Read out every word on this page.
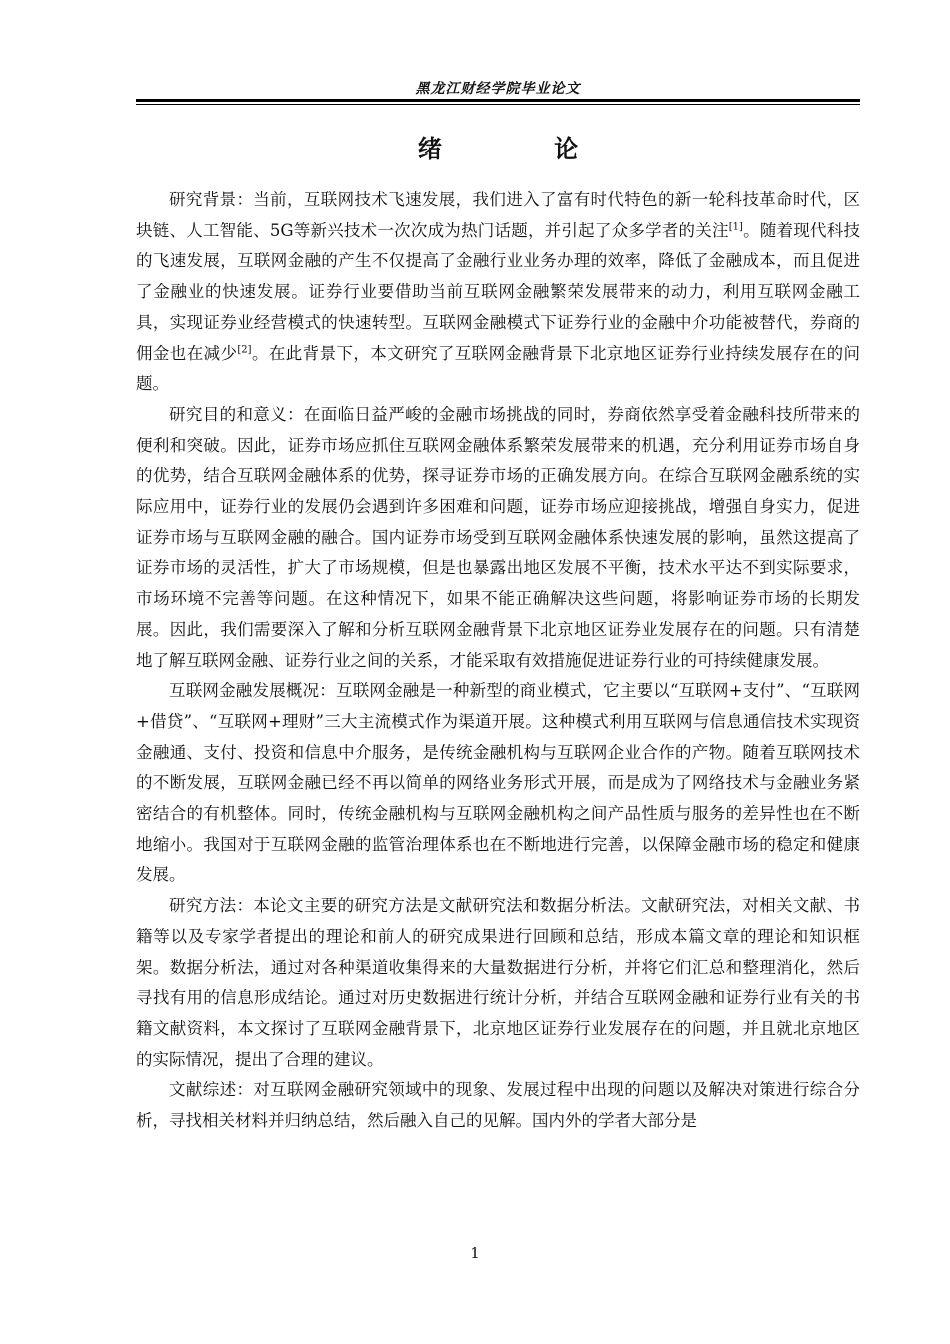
黑龙江财经学院毕业论文
绪 论

研究背景：当前，互联网技术飞速发展，我们进入了富有时代特色的新一轮科技革命时代，区块链、人工智能、5G等新兴技术一次次成为热门话题，并引起了众多学者的关注[1]。随着现代科技的飞速发展，互联网金融的产生不仅提高了金融行业业务办理的效率，降低了金融成本，而且促进了金融业的快速发展。证券行业要借助当前互联网金融繁荣发展带来的动力，利用互联网金融工具，实现证券业经营模式的快速转型。互联网金融模式下证券行业的金融中介功能被替代，券商的佣金也在减少[2]。在此背景下，本文研究了互联网金融背景下北京地区证券行业持续发展存在的问题。

研究目的和意义：在面临日益严峻的金融市场挑战的同时，券商依然享受着金融科技所带来的便利和突破。因此，证券市场应抓住互联网金融体系繁荣发展带来的机遇，充分利用证券市场自身的优势，结合互联网金融体系的优势，探寻证券市场的正确发展方向。在综合互联网金融系统的实际应用中，证券行业的发展仍会遇到许多困难和问题，证券市场应迎接挑战，增强自身实力，促进证券市场与互联网金融的融合。国内证券市场受到互联网金融体系快速发展的影响，虽然这提高了证券市场的灵活性，扩大了市场规模，但是也暴露出地区发展不平衡，技术水平达不到实际要求，市场环境不完善等问题。在这种情况下，如果不能正确解决这些问题，将影响证券市场的长期发展。因此，我们需要深入了解和分析互联网金融背景下北京地区证券业发展存在的问题。只有清楚地了解互联网金融、证券行业之间的关系，才能采取有效措施促进证券行业的可持续健康发展。

互联网金融发展概况：互联网金融是一种新型的商业模式，它主要以“互联网+支付”、“互联网+借贷”、“互联网+理财”三大主流模式作为渠道开展。这种模式利用互联网与信息通信技术实现资金融通、支付、投资和信息中介服务，是传统金融机构与互联网企业合作的产物。随着互联网技术的不断发展，互联网金融已经不再以简单的网络业务形式开展，而是成为了网络技术与金融业务紧密结合的有机整体。同时，传统金融机构与互联网金融机构之间产品性质与服务的差异性也在不断地缩小。我国对于互联网金融的监管治理体系也在不断地进行完善，以保障金融市场的稳定和健康发展。

研究方法：本论文主要的研究方法是文献研究法和数据分析法。文献研究法，对相关文献、书籍等以及专家学者提出的理论和前人的研究成果进行回顾和总结，形成本篇文章的理论和知识框架。数据分析法，通过对各种渠道收集得来的大量数据进行分析，并将它们汇总和整理消化，然后寻找有用的信息形成结论。通过对历史数据进行统计分析，并结合互联网金融和证券行业有关的书籍文献资料，本文探讨了互联网金融背景下，北京地区证券行业发展存在的问题，并且就北京地区的实际情况，提出了合理的建议。

文献综述：对互联网金融研究领域中的现象、发展过程中出现的问题以及解决对策进行综合分析，寻找相关材料并归纳总结，然后融入自己的见解。国内外的学者大部分是

1
